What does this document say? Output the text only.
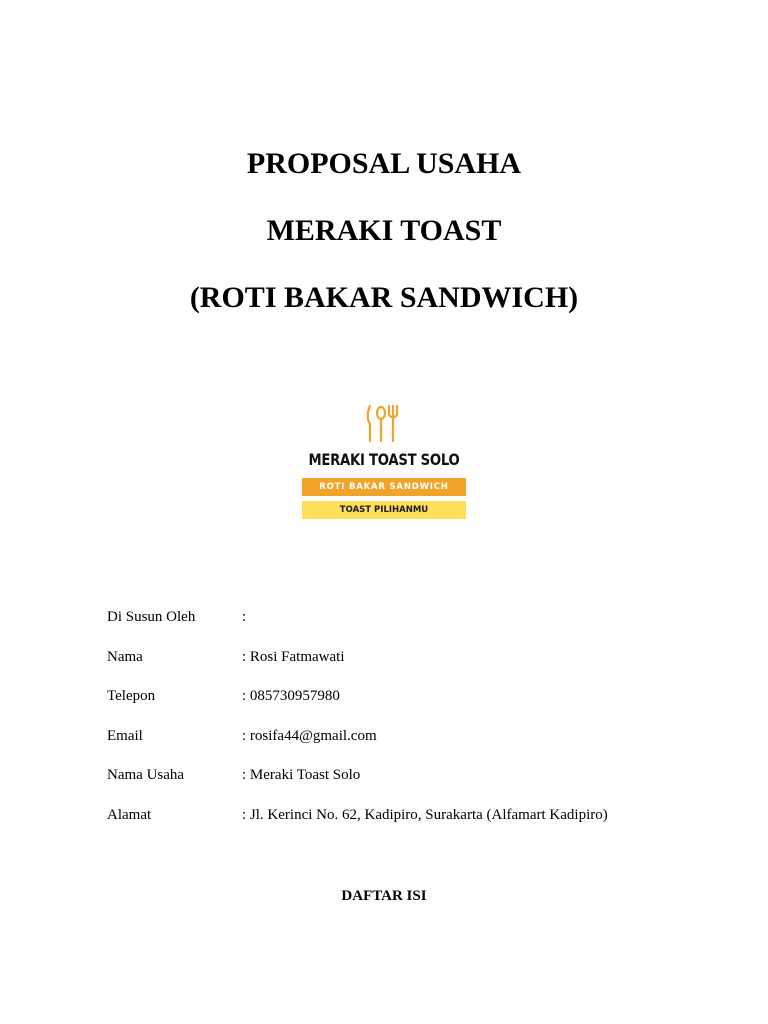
PROPOSAL USAHA
MERAKI TOAST
(ROTI BAKAR SANDWICH)
MERAKI TOAST SOLO
ROTI BAKAR SANDWICH
TOAST PILIHANMU
Di Susun Oleh	:
Nama	: Rosi Fatmawati
Telepon	: 085730957980
Email	: rosifa44@gmail.com
Nama Usaha	: Meraki Toast Solo
Alamat	: Jl. Kerinci No. 62, Kadipiro, Surakarta (Alfamart Kadipiro)
DAFTAR ISI
